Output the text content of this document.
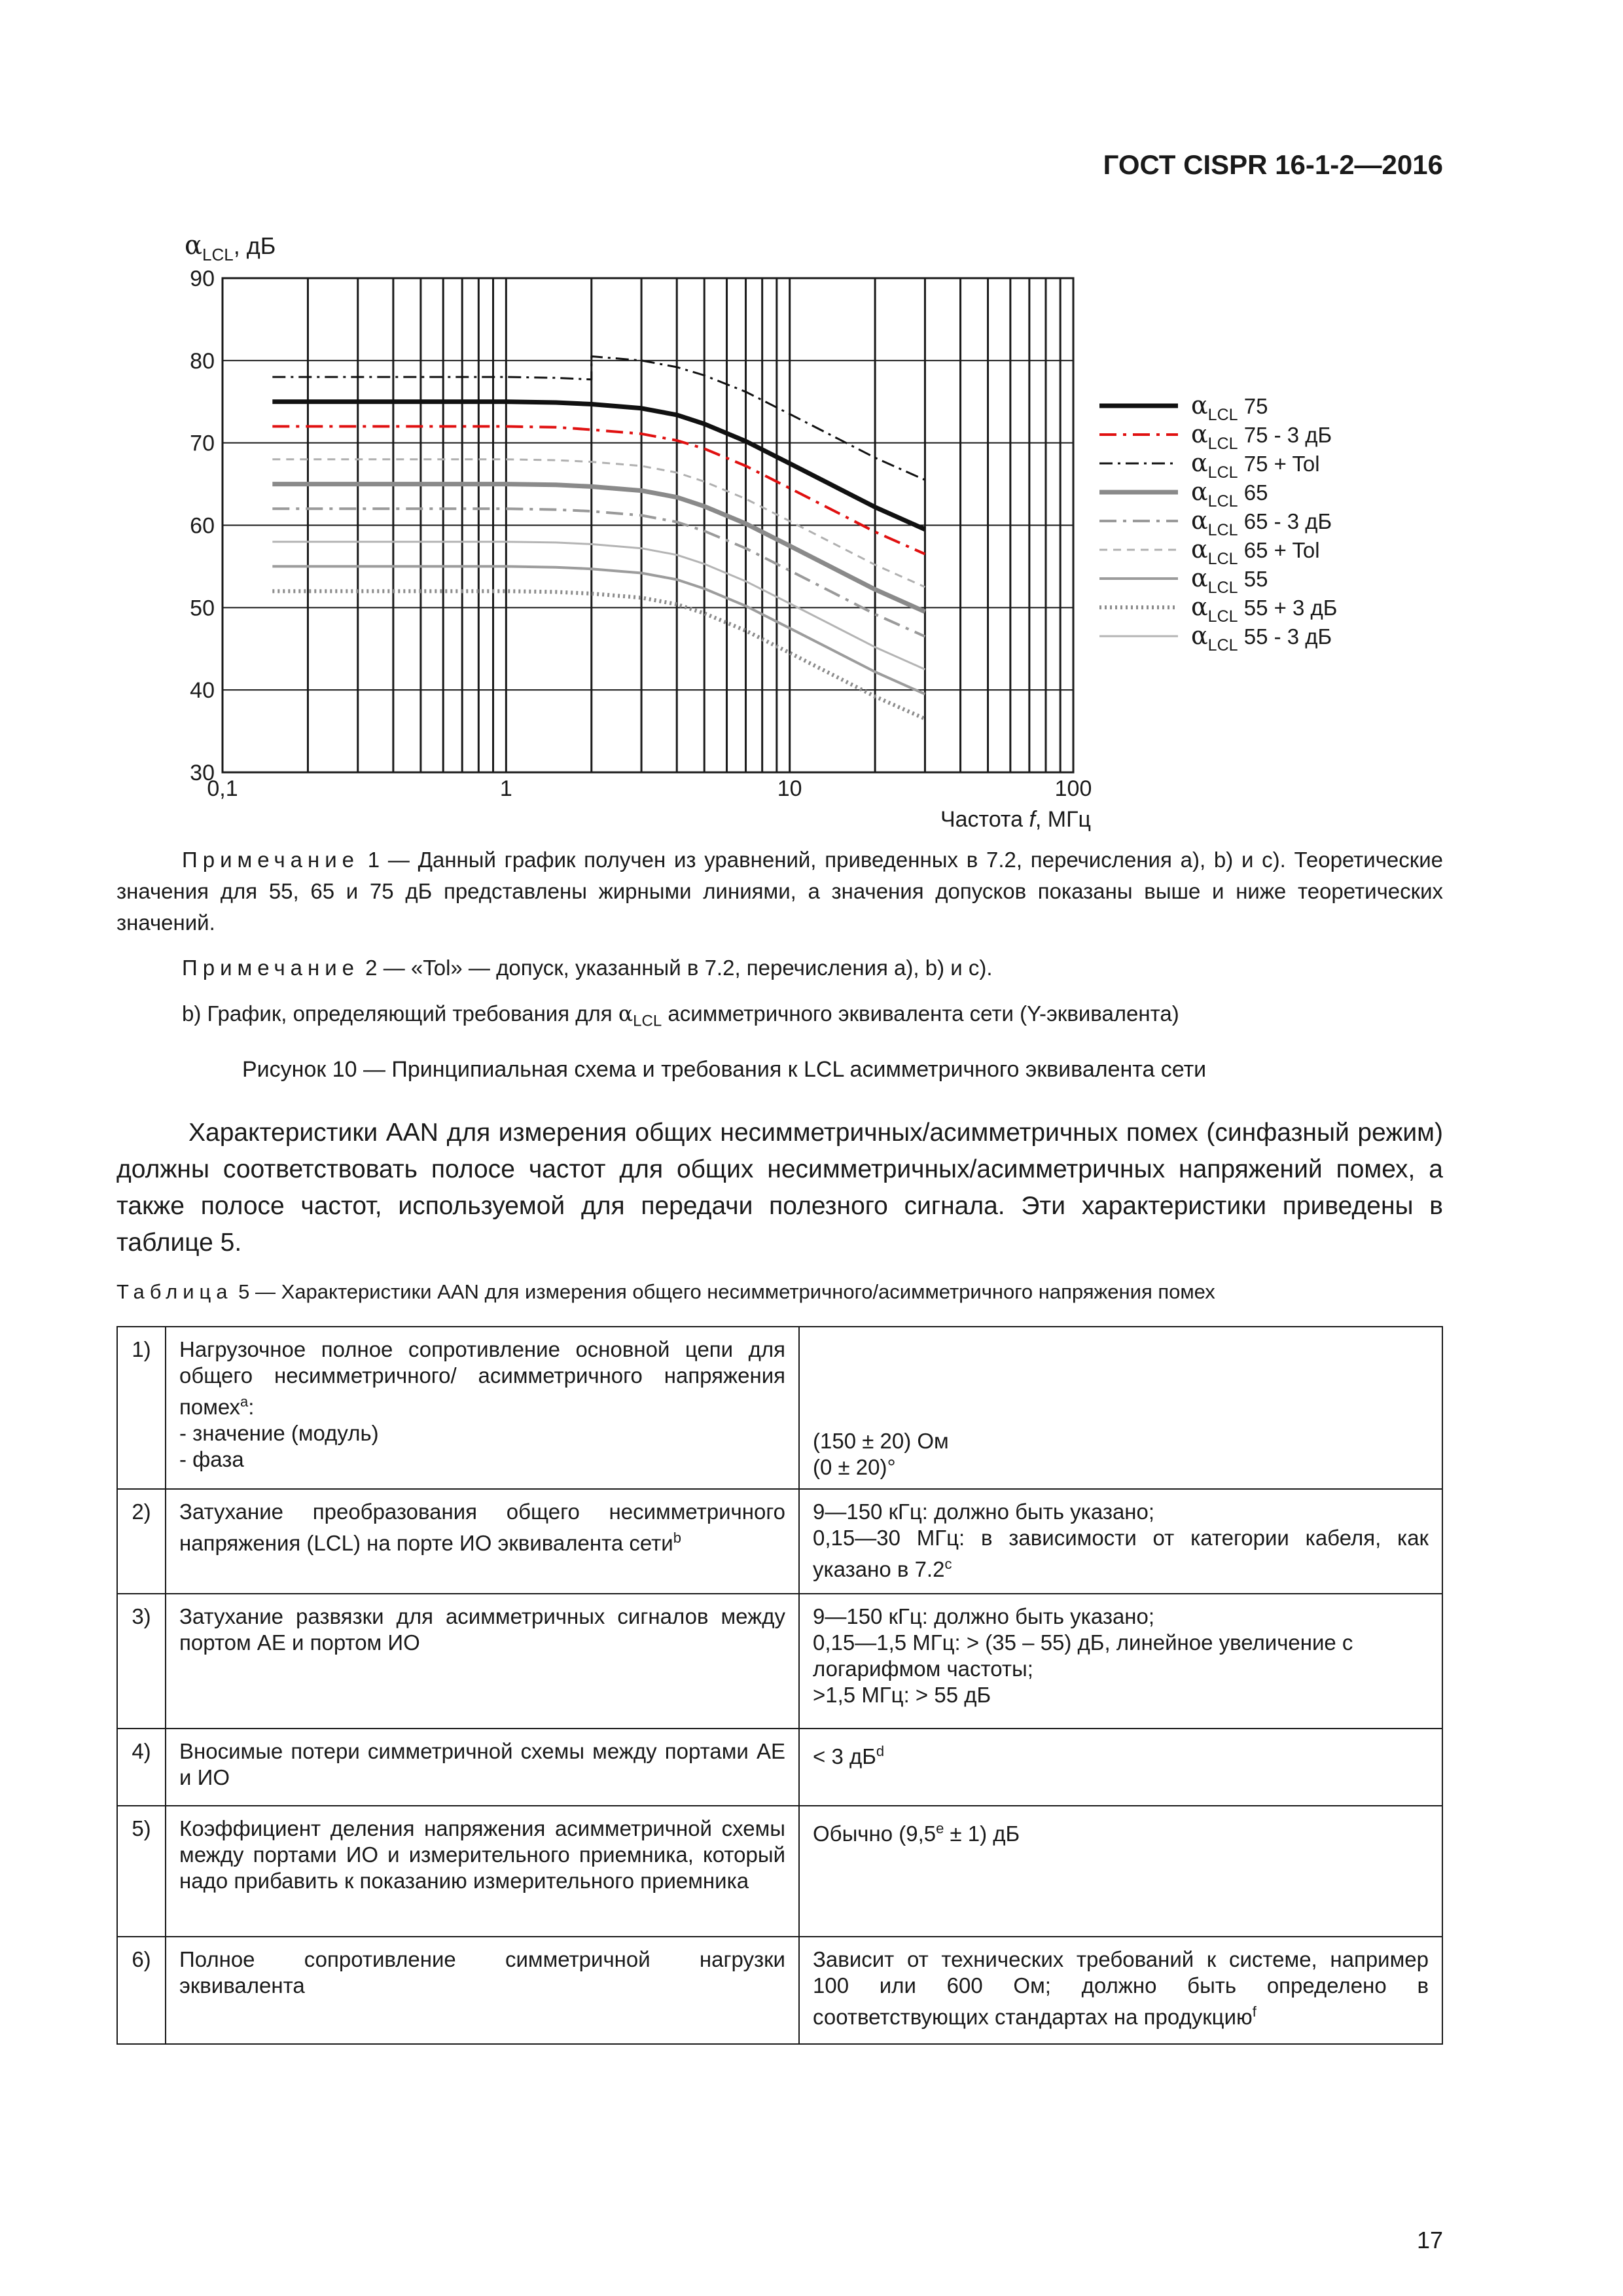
ГОСТ CISPR 16-1-2—2016
30
40
50
60
70
80
90
0,1	1	10	100
$\alpha_{LCL}$ 75
$\alpha_{LCL}$ 75 - 3 дБ
$\alpha_{LCL}$ 75 + Tol
$\alpha_{LCL}$ 65
$\alpha_{LCL}$ 65 - 3 дБ
$\alpha_{LCL}$ 65 + Tol
$\alpha_{LCL}$ 55
$\alpha_{LCL}$ 55 + 3 дБ
$\alpha_{LCL}$ 55 - 3 дБ
$\alpha_{LCL}$, дБ
Частота f, МГц
Примечание 1 — Данный график получен из уравнений, приведенных в 7.2, перечисления а), b) и c). Теоретические значения для 55, 65 и 75 дБ представлены жирными линиями, а значения допусков показаны выше и ниже теоретических значений.
Примечание 2 — «Tol» — допуск, указанный в 7.2, перечисления а), b) и c).
b) График, определяющий требования для $\alpha_{LCL}$ асимметричного эквивалента сети (Y-эквивалента)
Рисунок 10 — Принципиальная схема и требования к LCL асимметричного эквивалента сети
Характеристики AAN для измерения общих несимметричных/асимметричных помех (синфазный режим) должны соответствовать полосе частот для общих несимметричных/асимметричных напряжений помех, а также полосе частот, используемой для передачи полезного сигнала. Эти характеристики приведены в таблице 5.
Таблица 5 — Характеристики AAN для измерения общего несимметричного/асимметричного напряжения помех
1)	Нагрузочное полное сопротивление основной цепи для общего несимметричного/ асимметричного напряжения помех$^a$:
- значение (модуль)
- фаза	(150 ± 20) Ом
(0 ± 20)°

2)	Затухание преобразования общего несимметричного напряжения (LCL) на порте ИО эквивалента сети$^b$	9—150 кГц: должно быть указано;
0,15—30 МГц: в зависимости от категории кабеля, как указано в 7.2$^c$
3)	Затухание развязки для асимметричных сигналов между портом АЕ и портом ИО	9—150 кГц: должно быть указано;
0,15—1,5 МГц: > (35 – 55) дБ, линейное увеличение с логарифмом частоты;
>1,5 МГц: > 55 дБ

4)	Вносимые потери симметричной схемы между портами АЕ и ИО	< 3 $дБ^d$
5)	Коэффициент деления напряжения асимметричной схемы между портами ИО и измерительного приемника, который надо прибавить к показанию измерительного приемника	Обычно (9,5$^e$ ± 1) дБ
6)	Полное сопротивление симметричной нагрузки эквивалента	Зависит от технических требований к системе, например 100 или 600 Ом; должно быть определено в соответствующих стандартах на продукцию$^f$
17
